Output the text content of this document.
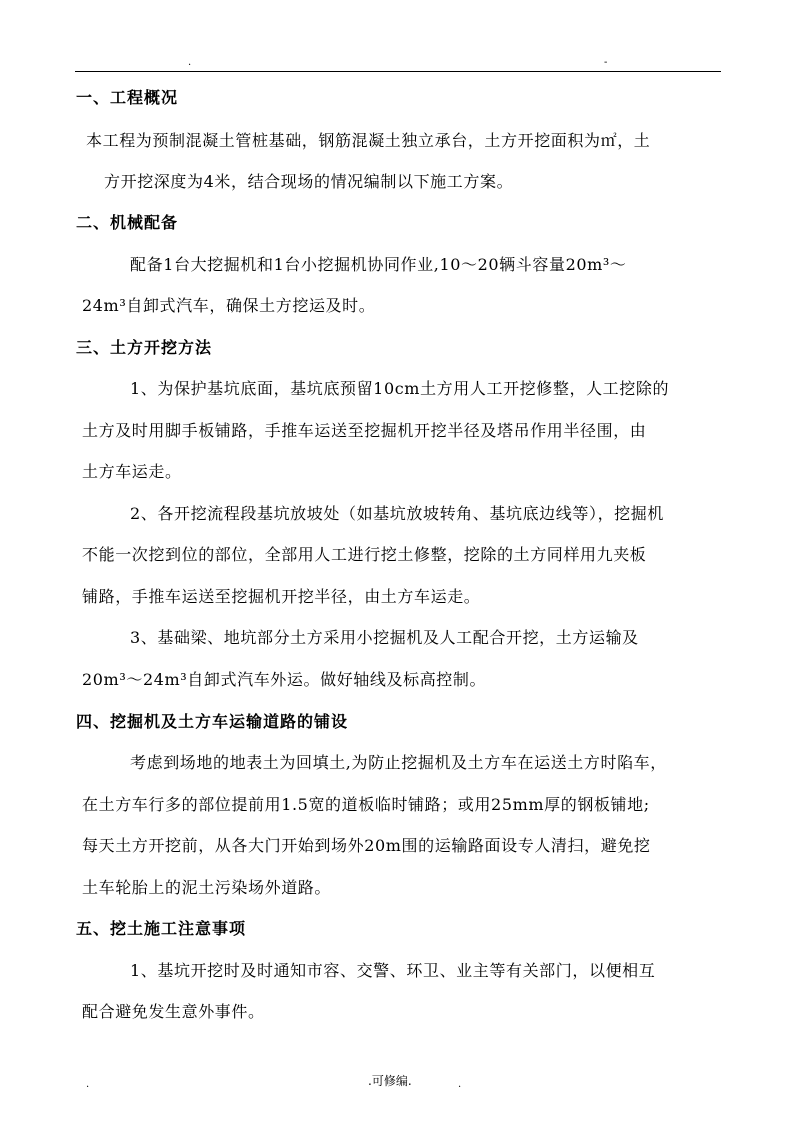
.	-
一、工程概况
本工程为预制混凝土管桩基础，钢筋混凝土独立承台，土方开挖面积为㎡，土
方开挖深度为4米，结合现场的情况编制以下施工方案。
二、机械配备
配备1台大挖掘机和1台小挖掘机协同作业,10～20辆斗容量20m³～
24m³自卸式汽车，确保土方挖运及时。
三、土方开挖方法
1、为保护基坑底面，基坑底预留10cm土方用人工开挖修整，人工挖除的
土方及时用脚手板铺路，手推车运送至挖掘机开挖半径及塔吊作用半径围，由
土方车运走。
2、各开挖流程段基坑放坡处（如基坑放坡转角、基坑底边线等），挖掘机
不能一次挖到位的部位，全部用人工进行挖土修整，挖除的土方同样用九夹板
铺路，手推车运送至挖掘机开挖半径，由土方车运走。
3、基础梁、地坑部分土方采用小挖掘机及人工配合开挖，土方运输及
20m³～24m³自卸式汽车外运。做好轴线及标高控制。
四、挖掘机及土方车运输道路的铺设
考虑到场地的地表土为回填土,为防止挖掘机及土方车在运送土方时陷车，
在土方车行多的部位提前用1.5宽的道板临时铺路；或用25mm厚的钢板铺地;
每天土方开挖前，从各大门开始到场外20m围的运输路面设专人清扫，避免挖
土车轮胎上的泥土污染场外道路。
五、挖土施工注意事项
1、基坑开挖时及时通知市容、交警、环卫、业主等有关部门，以便相互
配合避免发生意外事件。
.	.可修编.	.
